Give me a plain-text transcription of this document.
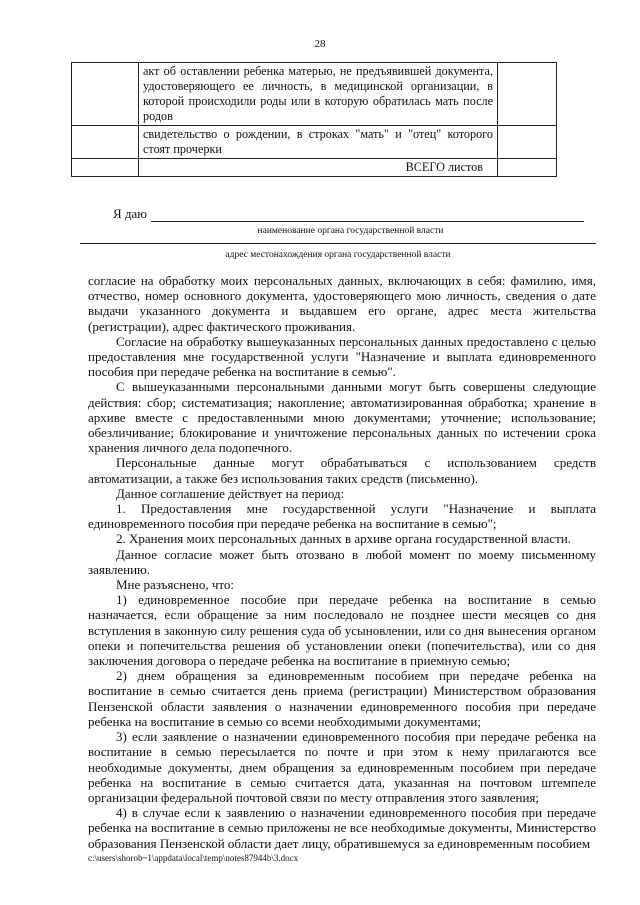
28
	акт об оставлении ребенка матерью, не предъявившей документа, удостоверяющего ее личность, в медицинской организации, в которой происходили роды или в которую обратилась мать после родов	
	свидетельство о рождении, в строках "мать" и "отец" которого стоят прочерки	
	ВСЕГО листов	
Я даю
наименование органа государственной власти
адрес местонахождения органа государственной власти

согласие на обработку моих персональных данных, включающих в себя: фамилию, имя, отчество, номер основного документа, удостоверяющего мою личность, сведения о дате выдачи указанного документа и выдавшем его органе, адрес места жительства (регистрации), адрес фактического проживания.

Согласие на обработку вышеуказанных персональных данных предоставлено с целью предоставления мне государственной услуги "Назначение и выплата единовременного пособия при передаче ребенка на воспитание в семью".

С вышеуказанными персональными данными могут быть совершены следующие действия: сбор; систематизация; накопление; автоматизированная обработка; хранение в архиве вместе с предоставленными мною документами; уточнение; использование; обезличивание; блокирование и уничтожение персональных данных по истечении срока хранения личного дела подопечного.

Персональные данные могут обрабатываться с использованием средств автоматизации, а также без использования таких средств (письменно).

Данное соглашение действует на период:

1. Предоставления мне государственной услуги "Назначение и выплата единовременного пособия при передаче ребенка на воспитание в семью";

2. Хранения моих персональных данных в архиве органа государственной власти.

Данное согласие может быть отозвано в любой момент по моему письменному заявлению.

Мне разъяснено, что:

1) единовременное пособие при передаче ребенка на воспитание в семью назначается, если обращение за ним последовало не позднее шести месяцев со дня вступления в законную силу решения суда об усыновлении, или со дня вынесения органом опеки и попечительства решения об установлении опеки (попечительства), или со дня заключения договора о передаче ребенка на воспитание в приемную семью;

2) днем обращения за единовременным пособием при передаче ребенка на воспитание в семью считается день приема (регистрации) Министерством образования Пензенской области заявления о назначении единовременного пособия при передаче ребенка на воспитание в семью со всеми необходимыми документами;

3) если заявление о назначении единовременного пособия при передаче ребенка на воспитание в семью пересылается по почте и при этом к нему прилагаются все необходимые документы, днем обращения за единовременным пособием при передаче ребенка на воспитание в семью считается дата, указанная на почтовом штемпеле организации федеральной почтовой связи по месту отправления этого заявления;

4) в случае если к заявлению о назначении единовременного пособия при передаче ребенка на воспитание в семью приложены не все необходимые документы, Министерство образования Пензенской области дает лицу, обратившемуся за единовременным пособием

c:\users\shorob~1\appdata\local\temp\notes87944b\3.docx
